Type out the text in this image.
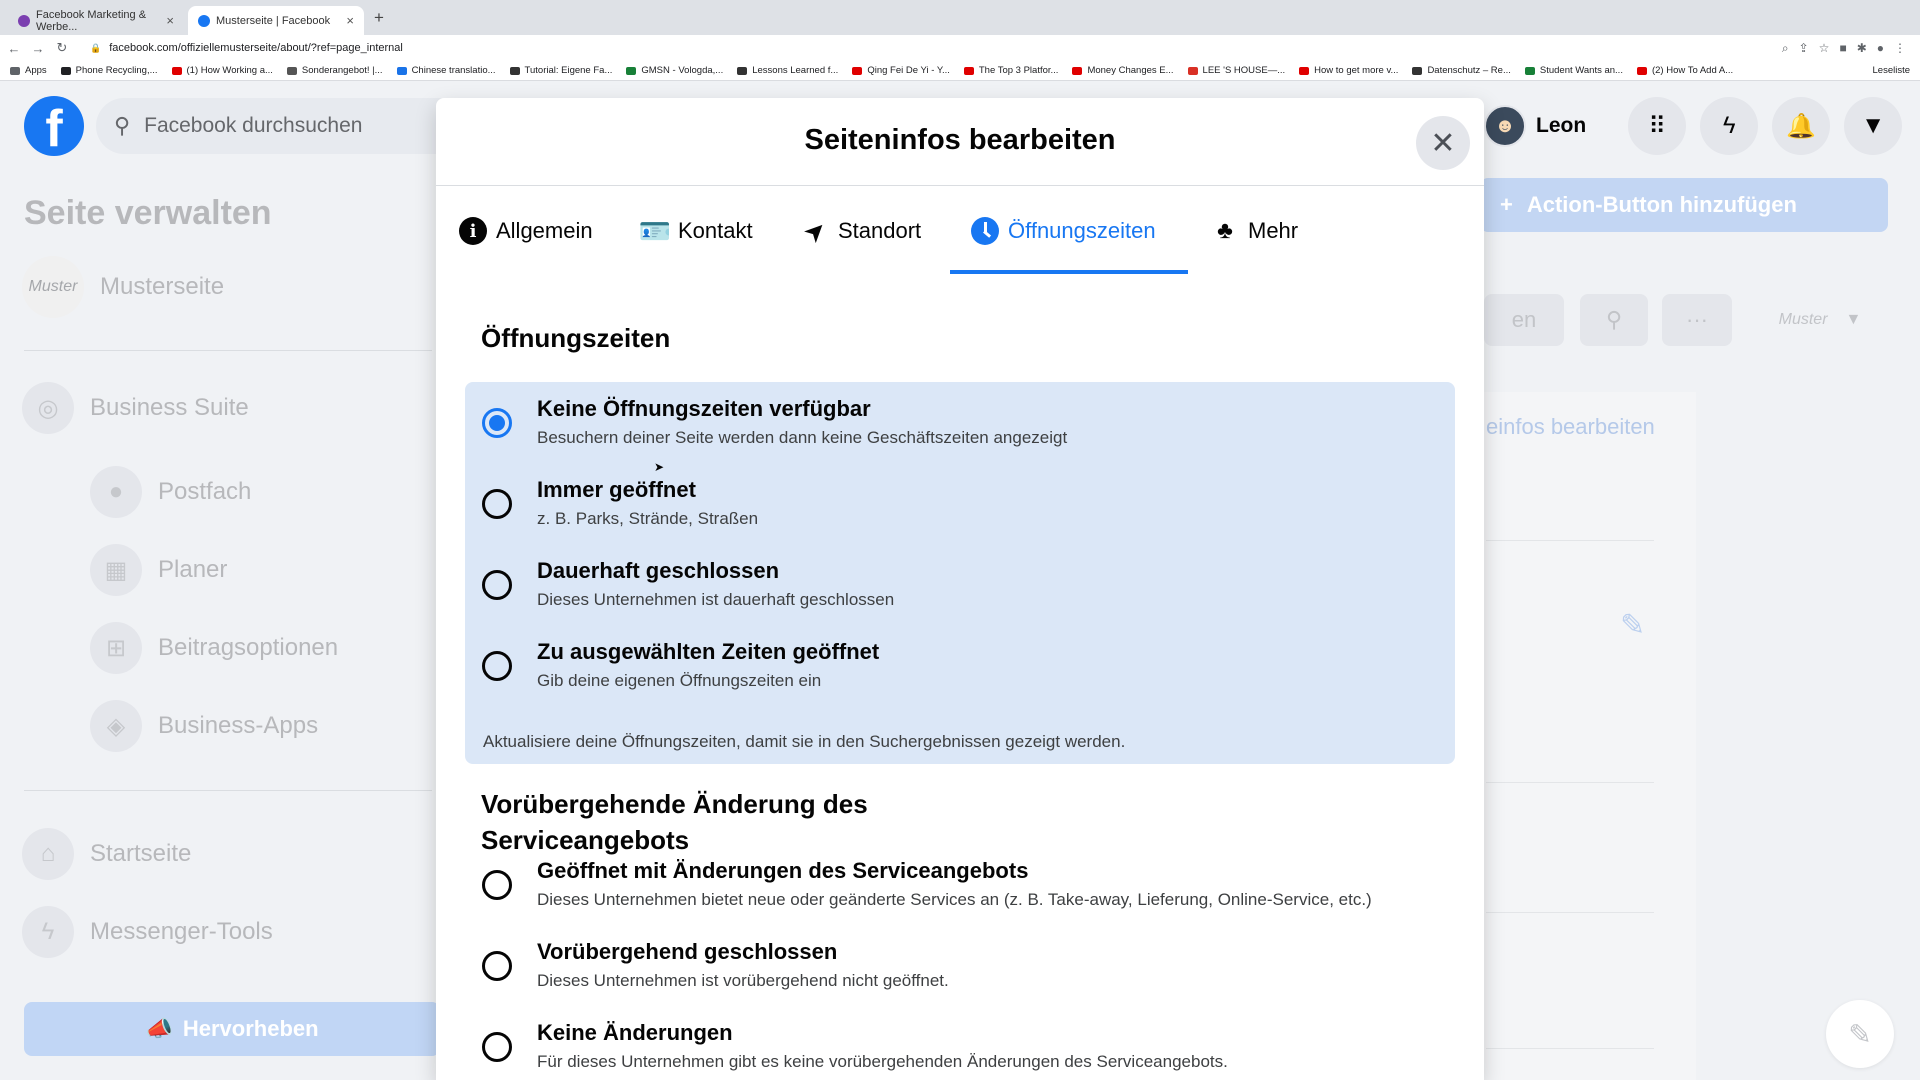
Facebook Marketing & Werbe...	×	Musterseite | Facebook × +
← → ↻	🔒 facebook.com/offiziellemusterseite/about/?ref=page_internal	⌕ ⇪ ☆ ■ ✱ ● ⋮
Apps	Phone Recycling,...	(1) How Working a...	Sonderangebot! |...	Chinese translatio...	Tutorial: Eigene Fa...	GMSN - Vologda,...	Lessons Learned f...	Qing Fei De Yi - Y...	The Top 3 Platfor...	Money Changes E...	LEE 'S HOUSE—...	How to get more v...	Datenschutz – Re...	Student Wants an...	(2) How To Add A...	Leseliste
f	⚲ Facebook durchsuchen	☻ Leon	⠿ ϟ 🔔 ▼
Seite verwalten
Muster Musterseite
◎	Business Suite
●	Postfach
▦	Planer
⊞	Beitragsoptionen
◈	Business-Apps
⌂	Startseite
ϟ	Messenger-Tools
📣 Hervorheben
+ Action-Button hinzufügen
en	⚲	···	Muster ▼
einfos bearbeiten
✎
✎
Seiteninfos bearbeiten	✕
i Allgemein 🪪 Kontakt ➤ Standort	Öffnungszeiten	♣ Mehr
Öffnungszeiten
Keine Öffnungszeiten verfügbar
Besuchern deiner Seite werden dann keine Geschäftszeiten angezeigt
Immer geöffnet
z. B. Parks, Strände, Straßen
Dauerhaft geschlossen
Dieses Unternehmen ist dauerhaft geschlossen
Zu ausgewählten Zeiten geöffnet
Gib deine eigenen Öffnungszeiten ein
Aktualisiere deine Öffnungszeiten, damit sie in den Suchergebnissen gezeigt werden.
Vorübergehende Änderung des
Serviceangebots
Geöffnet mit Änderungen des Serviceangebots
Dieses Unternehmen bietet neue oder geänderte Services an (z. B. Take-away, Lieferung, Online-Service, etc.)
Vorübergehend geschlossen
Dieses Unternehmen ist vorübergehend nicht geöffnet.
Keine Änderungen
Für dieses Unternehmen gibt es keine vorübergehenden Änderungen des Serviceangebots.
➤
